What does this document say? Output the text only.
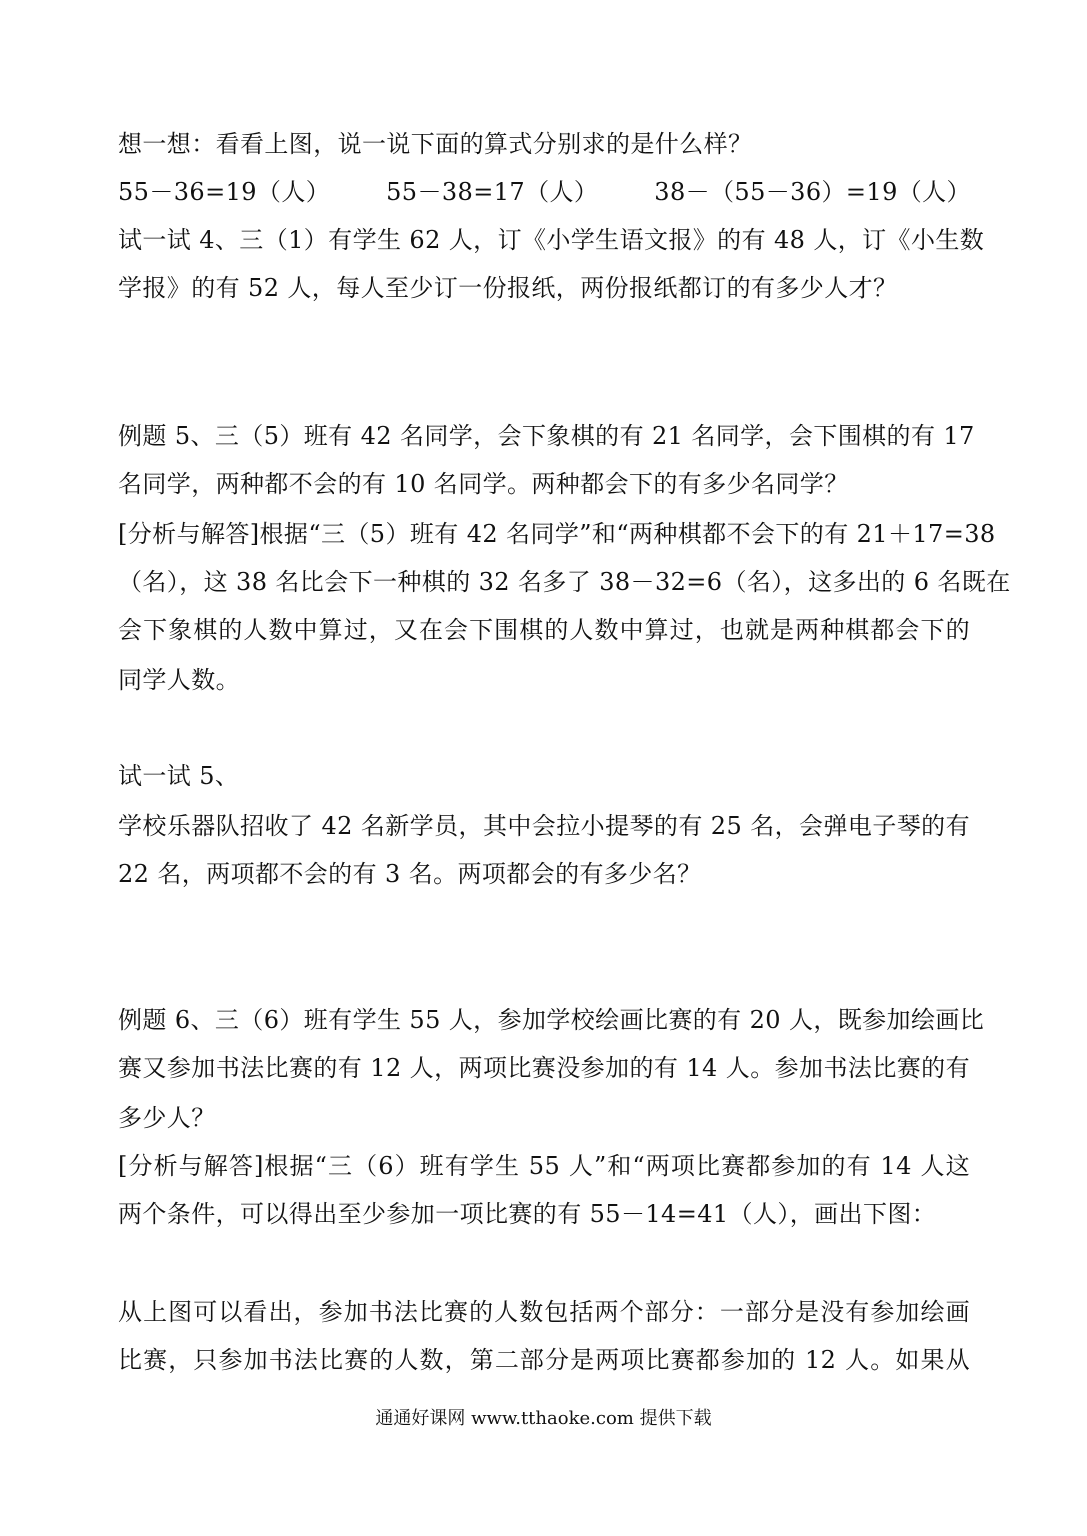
想一想：看看上图，说一说下面的算式分别求的是什么样？
55－36=19（人） 55－38=17（人） 38－（55－36）=19（人）
试一试 4、三（1）有学生 62 人，订《小学生语文报》的有 48 人，订《小生数
学报》的有 52 人，每人至少订一份报纸，两份报纸都订的有多少人才？
例题 5、三（5）班有 42 名同学，会下象棋的有 21 名同学，会下围棋的有 17
名同学，两种都不会的有 10 名同学。两种都会下的有多少名同学？
[分析与解答]根据“三（5）班有 42 名同学”和“两种棋都不会下的有 21＋17=38
（名），这 38 名比会下一种棋的 32 名多了 38－32=6（名），这多出的 6 名既在
会下象棋的人数中算过，又在会下围棋的人数中算过，也就是两种棋都会下的
同学人数。
试一试 5、
学校乐器队招收了 42 名新学员，其中会拉小提琴的有 25 名，会弹电子琴的有
22 名，两项都不会的有 3 名。两项都会的有多少名？
例题 6、三（6）班有学生 55 人，参加学校绘画比赛的有 20 人，既参加绘画比
赛又参加书法比赛的有 12 人，两项比赛没参加的有 14 人。参加书法比赛的有
多少人？
[分析与解答]根据“三（6）班有学生 55 人”和“两项比赛都参加的有 14 人这
两个条件，可以得出至少参加一项比赛的有 55－14=41（人），画出下图：
从上图可以看出，参加书法比赛的人数包括两个部分：一部分是没有参加绘画
比赛，只参加书法比赛的人数，第二部分是两项比赛都参加的 12 人。如果从
通通好课网 www.tthaoke.com 提供下载
